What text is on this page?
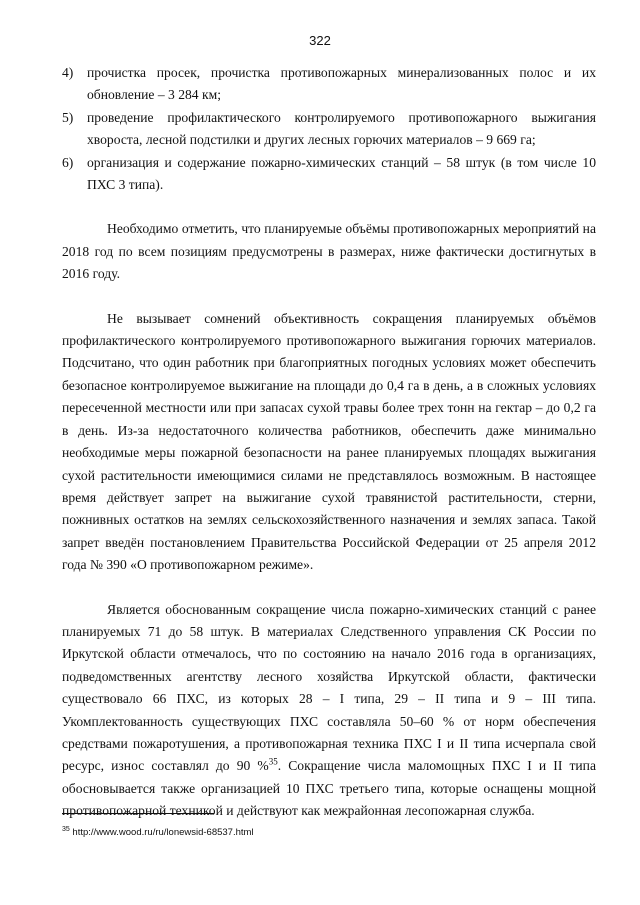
322
4) прочистка просек, прочистка противопожарных минерализованных полос и их обновление – 3 284 км;
5) проведение профилактического контролируемого противопожарного выжигания хвороста, лесной подстилки и других лесных горючих материалов – 9 669 га;
6) организация и содержание пожарно-химических станций – 58 штук (в том числе 10 ПХС 3 типа).

Необходимо отметить, что планируемые объёмы противопожарных мероприятий на 2018 год по всем позициям предусмотрены в размерах, ниже фактически достигнутых в 2016 году.

Не вызывает сомнений объективность сокращения планируемых объёмов профилактического контролируемого противопожарного выжигания горючих материалов. Подсчитано, что один работник при благоприятных погодных условиях может обеспечить безопасное контролируемое выжигание на площади до 0,4 га в день, а в сложных условиях пересеченной местности или при запасах сухой травы более трех тонн на гектар – до 0,2 га в день. Из-за недостаточного количества работников, обеспечить даже минимально необходимые меры пожарной безопасности на ранее планируемых площадях выжигания сухой растительности имеющимися силами не представлялось возможным. В настоящее время действует запрет на выжигание сухой травянистой растительности, стерни, пожнивных остатков на землях сельскохозяйственного назначения и землях запаса. Такой запрет введён постановлением Правительства Российской Федерации от 25 апреля 2012 года № 390 «О противопожарном режиме».

Является обоснованным сокращение числа пожарно-химических станций с ранее планируемых 71 до 58 штук. В материалах Следственного управления СК России по Иркутской области отмечалось, что по состоянию на начало 2016 года в организациях, подведомственных агентству лесного хозяйства Иркутской области, фактически существовало 66 ПХС, из которых 28 – I типа, 29 – II типа и 9 – III типа. Укомплектованность существующих ПХС составляла 50–60 % от норм обеспечения средствами пожаротушения, а противопожарная техника ПХС I и II типа исчерпала свой ресурс, износ составлял до 90 %$^{35}$. Сокращение числа маломощных ПХС I и II типа обосновывается также организацией 10 ПХС третьего типа, которые оснащены мощной противопожарной техникой и действуют как межрайонная лесопожарная служба.

$^{35}$ http://www.wood.ru/ru/lonewsid-68537.html
